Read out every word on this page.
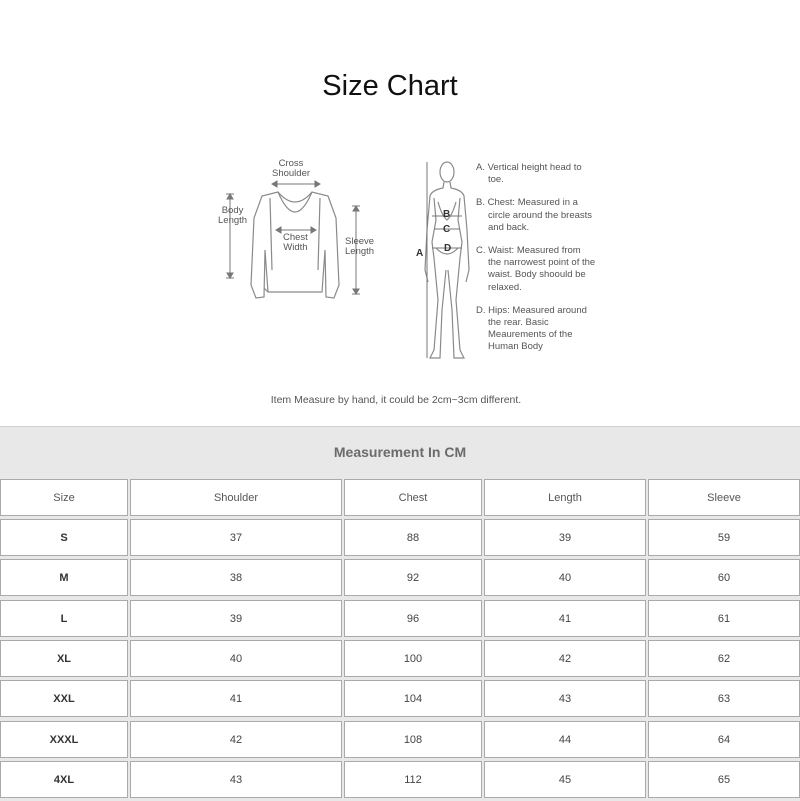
Size Chart
Cross
Shoulder
Body
Length
Chest
Width
Sleeve
Length
B
C
D
A
A. Vertical height head to toe.
B. Chest: Measured in a circle around the breasts and back.
C. Waist: Measured from the narrowest point of the waist. Body shoould be relaxed.
D. Hips: Measured around the rear. Basic Meaurements of the Human Body
Item Measure by hand, it could be 2cm~3cm different.
Measurement In CM
Size	Shoulder	Chest	Length	Sleeve
S	37	88	39	59
M	38	92	40	60
L	39	96	41	61
XL	40	100	42	62
XXL	41	104	43	63
XXXL	42	108	44	64
4XL	43	112	45	65
